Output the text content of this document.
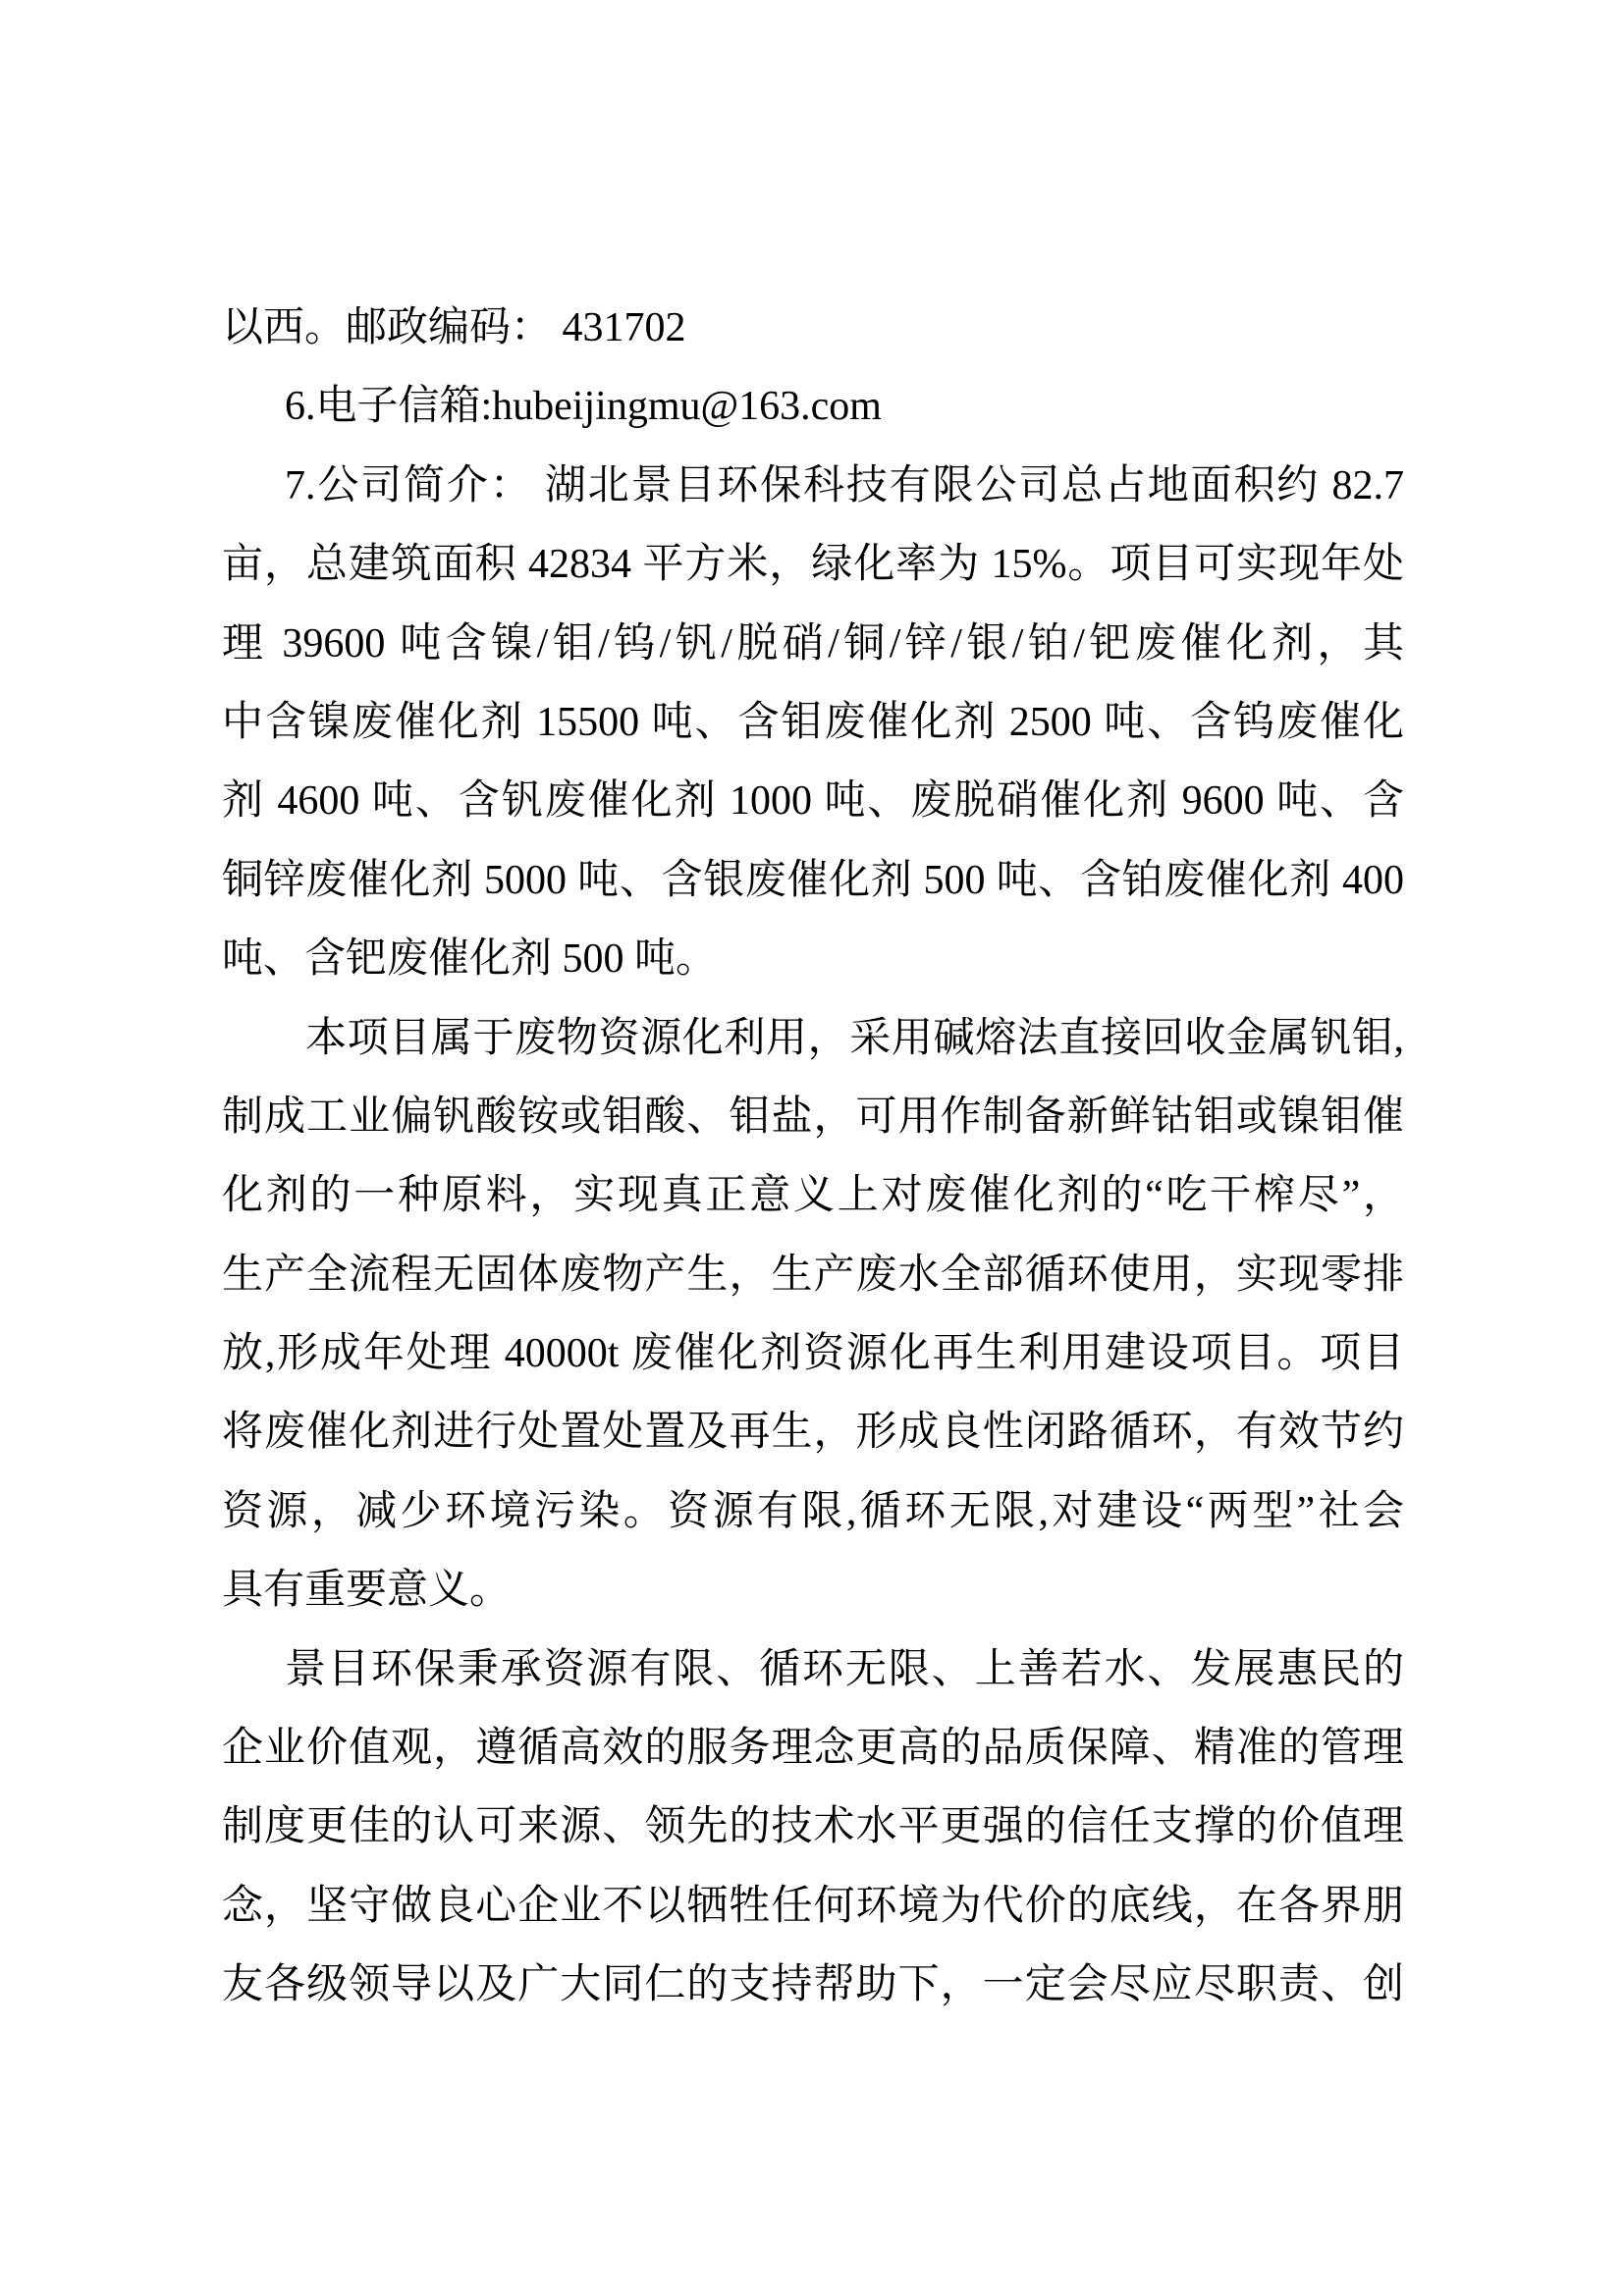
以西。邮政编码： 431702
6.电子信箱:hubeijingmu@163.com
7.公司简介： 湖北景目环保科技有限公司总占地面积约 82.7
亩，总建筑面积 42834 平方米，绿化率为 15%。项目可实现年处
理 39600 吨含镍/钼/钨/钒/脱硝/铜/锌/银/铂/钯废催化剂，其
中含镍废催化剂 15500 吨、含钼废催化剂 2500 吨、含钨废催化
剂 4600 吨、含钒废催化剂 1000 吨、废脱硝催化剂 9600 吨、含
铜锌废催化剂 5000 吨、含银废催化剂 500 吨、含铂废催化剂 400
吨、含钯废催化剂 500 吨。
本项目属于废物资源化利用，采用碱熔法直接回收金属钒钼,
制成工业偏钒酸铵或钼酸、钼盐，可用作制备新鲜钴钼或镍钼催
化剂的一种原料，实现真正意义上对废催化剂的“吃干榨尽”，
生产全流程无固体废物产生，生产废水全部循环使用，实现零排
放,形成年处理 40000t 废催化剂资源化再生利用建设项目。项目
将废催化剂进行处置处置及再生，形成良性闭路循环，有效节约
资源，减少环境污染。资源有限,循环无限,对建设“两型”社会
具有重要意义。
景目环保秉承资源有限、循环无限、上善若水、发展惠民的
企业价值观，遵循高效的服务理念更高的品质保障、精准的管理
制度更佳的认可来源、领先的技术水平更强的信任支撑的价值理
念，坚守做良心企业不以牺牲任何环境为代价的底线，在各界朋
友各级领导以及广大同仁的支持帮助下，一定会尽应尽职责、创
